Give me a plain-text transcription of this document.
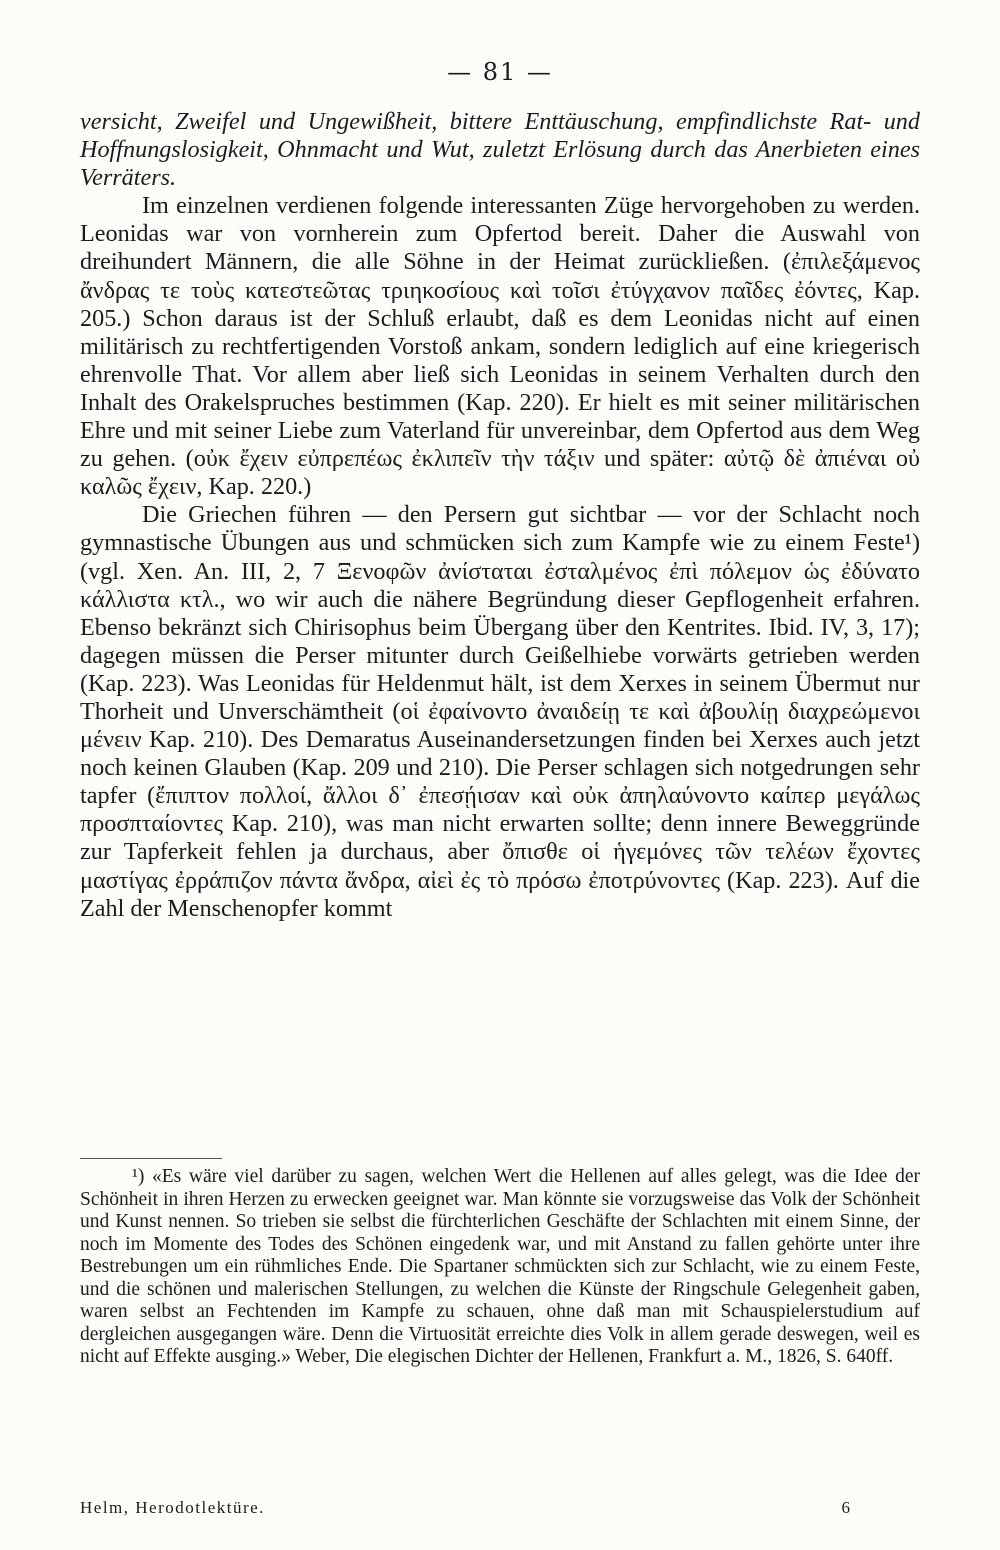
— 81 —

versicht, Zweifel und Ungewißheit, bittere Enttäuschung, empfindlichste Rat- und Hoffnungslosigkeit, Ohnmacht und Wut, zuletzt Erlösung durch das Anerbieten eines Verräters.

Im einzelnen verdienen folgende interessanten Züge hervorgehoben zu werden. Leonidas war von vornherein zum Opfertod bereit. Daher die Auswahl von dreihundert Männern, die alle Söhne in der Heimat zurückließen. (ἐπιλεξάμενος ἄνδρας τε τοὺς κατεστεῶτας τριηκοσίους καὶ τοῖσι ἐτύγχανον παῖδες ἐόντες, Kap. 205.) Schon daraus ist der Schluß erlaubt, daß es dem Leonidas nicht auf einen militärisch zu rechtfertigenden Vorstoß ankam, sondern lediglich auf eine kriegerisch ehrenvolle That. Vor allem aber ließ sich Leonidas in seinem Verhalten durch den Inhalt des Orakelspruches bestimmen (Kap. 220). Er hielt es mit seiner militärischen Ehre und mit seiner Liebe zum Vaterland für unvereinbar, dem Opfertod aus dem Weg zu gehen. (οὐκ ἔχειν εὐπρεπέως ἐκλιπεῖν τὴν τάξιν und später: αὐτῷ δὲ ἀπιέναι οὐ καλῶς ἔχειν, Kap. 220.)

Die Griechen führen — den Persern gut sichtbar — vor der Schlacht noch gymnastische Übungen aus und schmücken sich zum Kampfe wie zu einem Feste¹) (vgl. Xen. An. III, 2, 7 Ξενοφῶν ἀνίσταται ἐσταλμένος ἐπὶ πόλεμον ὡς ἐδύνατο κάλλιστα κτλ., wo wir auch die nähere Begründung dieser Gepflogenheit erfahren. Ebenso bekränzt sich Chirisophus beim Übergang über den Kentrites. Ibid. IV, 3, 17); dagegen müssen die Perser mitunter durch Geißelhiebe vorwärts getrieben werden (Kap. 223). Was Leonidas für Heldenmut hält, ist dem Xerxes in seinem Übermut nur Thorheit und Unverschämtheit (οἱ ἐφαίνοντο ἀναιδείῃ τε καὶ ἀβουλίῃ διαχρεώμενοι μένειν Kap. 210). Des Demaratus Auseinandersetzungen finden bei Xerxes auch jetzt noch keinen Glauben (Kap. 209 und 210). Die Perser schlagen sich notgedrungen sehr tapfer (ἔπιπτον πολλοί, ἄλλοι δ᾽ ἐπεσῄισαν καὶ οὐκ ἀπηλαύνοντο καίπερ μεγάλως προσπταίοντες Kap. 210), was man nicht erwarten sollte; denn innere Beweggründe zur Tapferkeit fehlen ja durchaus, aber ὄπισθε οἱ ἡγεμόνες τῶν τελέων ἔχοντες μαστίγας ἐρράπιζον πάντα ἄνδρα, αἰεὶ ἐς τὸ πρόσω ἐποτρύνοντες (Kap. 223). Auf die Zahl der Menschenopfer kommt

¹) «Es wäre viel darüber zu sagen, welchen Wert die Hellenen auf alles gelegt, was die Idee der Schönheit in ihren Herzen zu erwecken geeignet war. Man könnte sie vorzugsweise das Volk der Schönheit und Kunst nennen. So trieben sie selbst die fürchterlichen Geschäfte der Schlachten mit einem Sinne, der noch im Momente des Todes des Schönen eingedenk war, und mit Anstand zu fallen gehörte unter ihre Bestrebungen um ein rühmliches Ende. Die Spartaner schmückten sich zur Schlacht, wie zu einem Feste, und die schönen und malerischen Stellungen, zu welchen die Künste der Ringschule Gelegenheit gaben, waren selbst an Fechtenden im Kampfe zu schauen, ohne daß man mit Schauspielerstudium auf dergleichen ausgegangen wäre. Denn die Virtuosität erreichte dies Volk in allem gerade deswegen, weil es nicht auf Effekte ausging.» Weber, Die elegischen Dichter der Hellenen, Frankfurt a. M., 1826, S. 640ff.

Helm, Herodotlektüre.	6
